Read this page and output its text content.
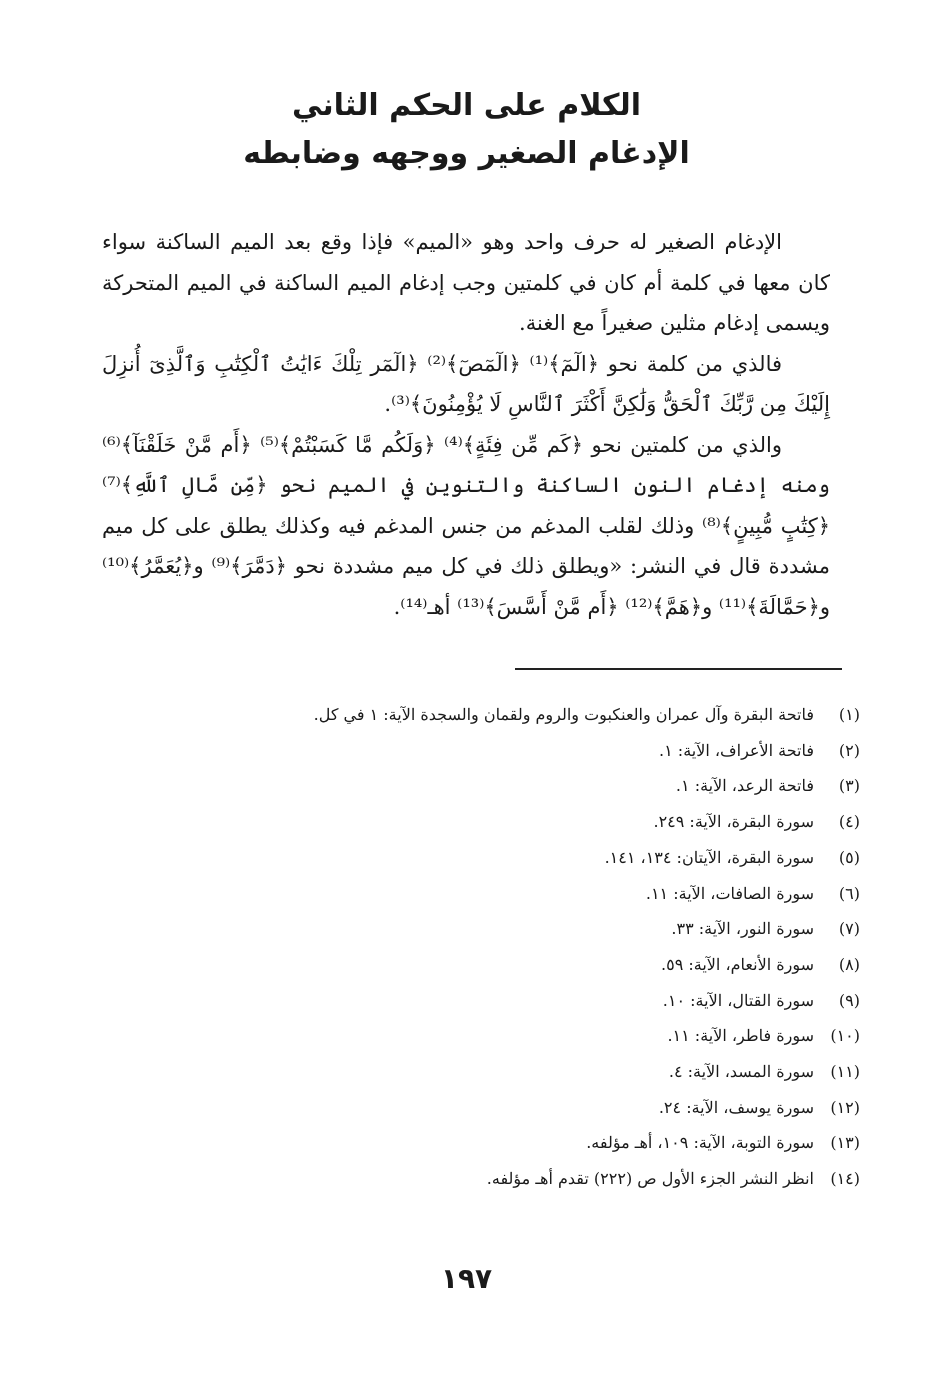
الكلام على الحكم الثاني
الإدغام الصغير ووجهه وضابطه

الإدغام الصغير له حرف واحد وهو «الميم» فإذا وقع بعد الميم الساكنة سواء كان معها في كلمة أم كان في كلمتين وجب إدغام الميم الساكنة في الميم المتحركة ويسمى إدغام مثلين صغيراً مع الغنة.

فالذي من كلمة نحو ﴿الٓمٓ﴾⁽¹⁾ ﴿الٓمٓصٓ﴾⁽²⁾ ﴿الٓمٓر تِلْكَ ءَايَٰتُ ٱلْكِتَٰبِ وَٱلَّذِىٓ أُنزِلَ إِلَيْكَ مِن رَّبِّكَ ٱلْحَقُّ وَلَٰكِنَّ أَكْثَرَ ٱلنَّاسِ لَا يُؤْمِنُونَ﴾⁽³⁾.

والذي من كلمتين نحو ﴿كَم مِّن فِئَةٍ﴾⁽⁴⁾ ﴿وَلَكُم مَّا كَسَبْتُمْ﴾⁽⁵⁾ ﴿أَم مَّنْ خَلَقْنَآ﴾⁽⁶⁾ ومنه إدغام النون الساكنة والتنوين في الميم نحو ﴿مِّن مَّالِ ٱللَّهِ﴾⁽⁷⁾ ﴿كِتَٰبٍ مُّبِينٍ﴾⁽⁸⁾ وذلك لقلب المدغم من جنس المدغم فيه وكذلك يطلق على كل ميم مشددة قال في النشر: «ويطلق ذلك في كل ميم مشددة نحو ﴿دَمَّرَ﴾⁽⁹⁾ و﴿يُعَمَّرُ﴾⁽¹⁰⁾ و﴿حَمَّالَةَ﴾⁽¹¹⁾ و﴿هَمَّ﴾⁽¹²⁾ ﴿أَم مَّنْ أَسَّسَ﴾⁽¹³⁾ أهـ⁽¹⁴⁾.

(١)فاتحة البقرة وآل عمران والعنكبوت والروم ولقمان والسجدة الآية: ١ في كل.
(٢)فاتحة الأعراف، الآية: ١.
(٣)فاتحة الرعد، الآية: ١.
(٤)سورة البقرة، الآية: ٢٤٩.
(٥)سورة البقرة، الآيتان: ١٣٤، ١٤١.
(٦)سورة الصافات، الآية: ١١.
(٧)سورة النور، الآية: ٣٣.
(٨)سورة الأنعام، الآية: ٥٩.
(٩)سورة القتال، الآية: ١٠.
(١٠)سورة فاطر، الآية: ١١.
(١١)سورة المسد، الآية: ٤.
(١٢)سورة يوسف، الآية: ٢٤.
(١٣)سورة التوبة، الآية: ١٠٩، أهـ مؤلفه.
(١٤)انظر النشر الجزء الأول ص (٢٢٢) تقدم أهـ مؤلفه.
١٩٧
